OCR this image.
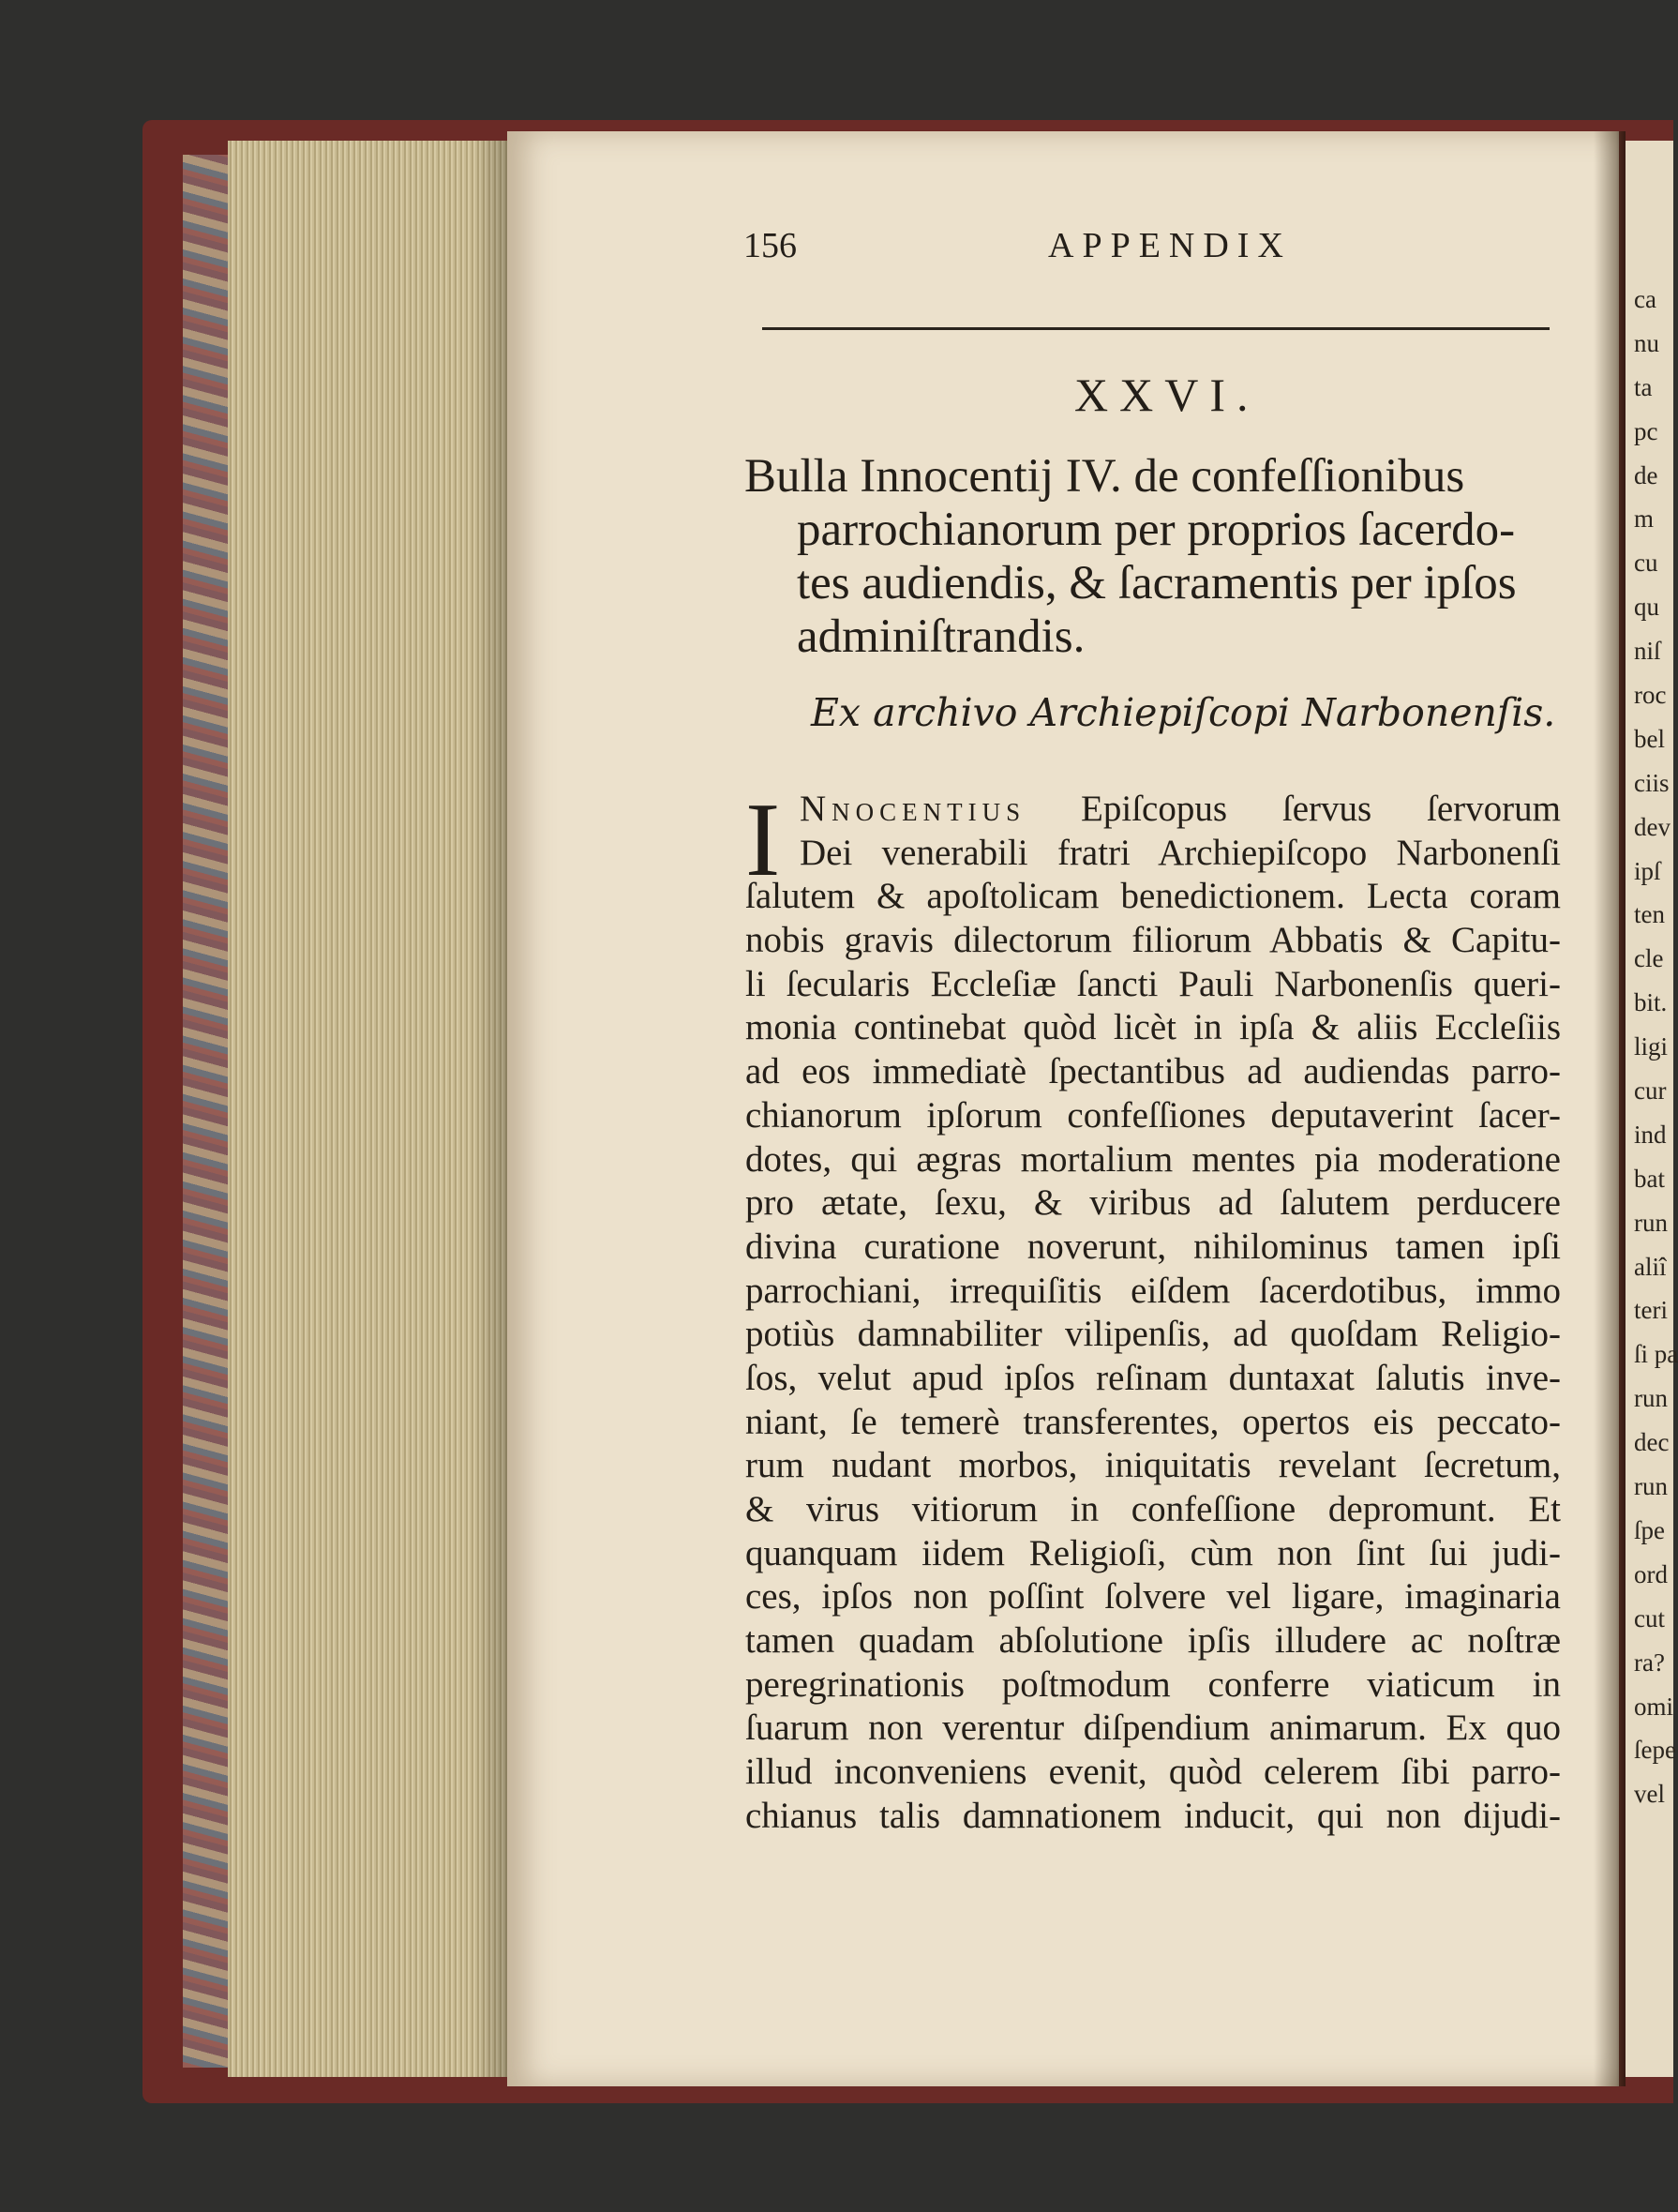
ca
nu
ta
pc
de
m
cu
qu
niſ
roc
bel
ciis
dev
ipſ
ten
cle
bit.
ligi
cur
ind
bat
run
aliî
teri
ſi pa
run
dec
run
ſpe
ord
cut
ra?
omi
ſepe
vel
156	APPENDIX
XXVI.
Bulla Innocentij IV. de confeſſionibus
parrochianorum per proprios ſacerdo-
tes audiendis, & ſacramentis per ipſos
adminiſtrandis.
Ex archivo Archiepiſcopi Narbonenſis.
I Nnocentius Epiſcopus ſervus ſervorum
Dei venerabili fratri Archiepiſcopo Narbonenſi
ſalutem & apoſtolicam benedictionem. Lecta coram
nobis gravis dilectorum filiorum Abbatis & Capitu-
li ſecularis Eccleſiæ ſancti Pauli Narbonenſis queri-
monia continebat quòd licèt in ipſa & aliis Eccleſiis
ad eos immediatè ſpectantibus ad audiendas parro-
chianorum ipſorum confeſſiones deputaverint ſacer-
dotes, qui ægras mortalium mentes pia moderatione
pro ætate, ſexu, & viribus ad ſalutem perducere
divina curatione noverunt, nihilominus tamen ipſi
parrochiani, irrequiſitis eiſdem ſacerdotibus, immo
potiùs damnabiliter vilipenſis, ad quoſdam Religio-
ſos, velut apud ipſos reſinam duntaxat ſalutis inve-
niant, ſe temerè transferentes, opertos eis peccato-
rum nudant morbos, iniquitatis revelant ſecretum,
& virus vitiorum in confeſſione depromunt. Et
quanquam iidem Religioſi, cùm non ſint ſui judi-
ces, ipſos non poſſint ſolvere vel ligare, imaginaria
tamen quadam abſolutione ipſis illudere ac noſtræ
peregrinationis poſtmodum conferre viaticum in
ſuarum non verentur diſpendium animarum. Ex quo
illud inconveniens evenit, quòd celerem ſibi parro-
chianus talis damnationem inducit, qui non dijudi-
